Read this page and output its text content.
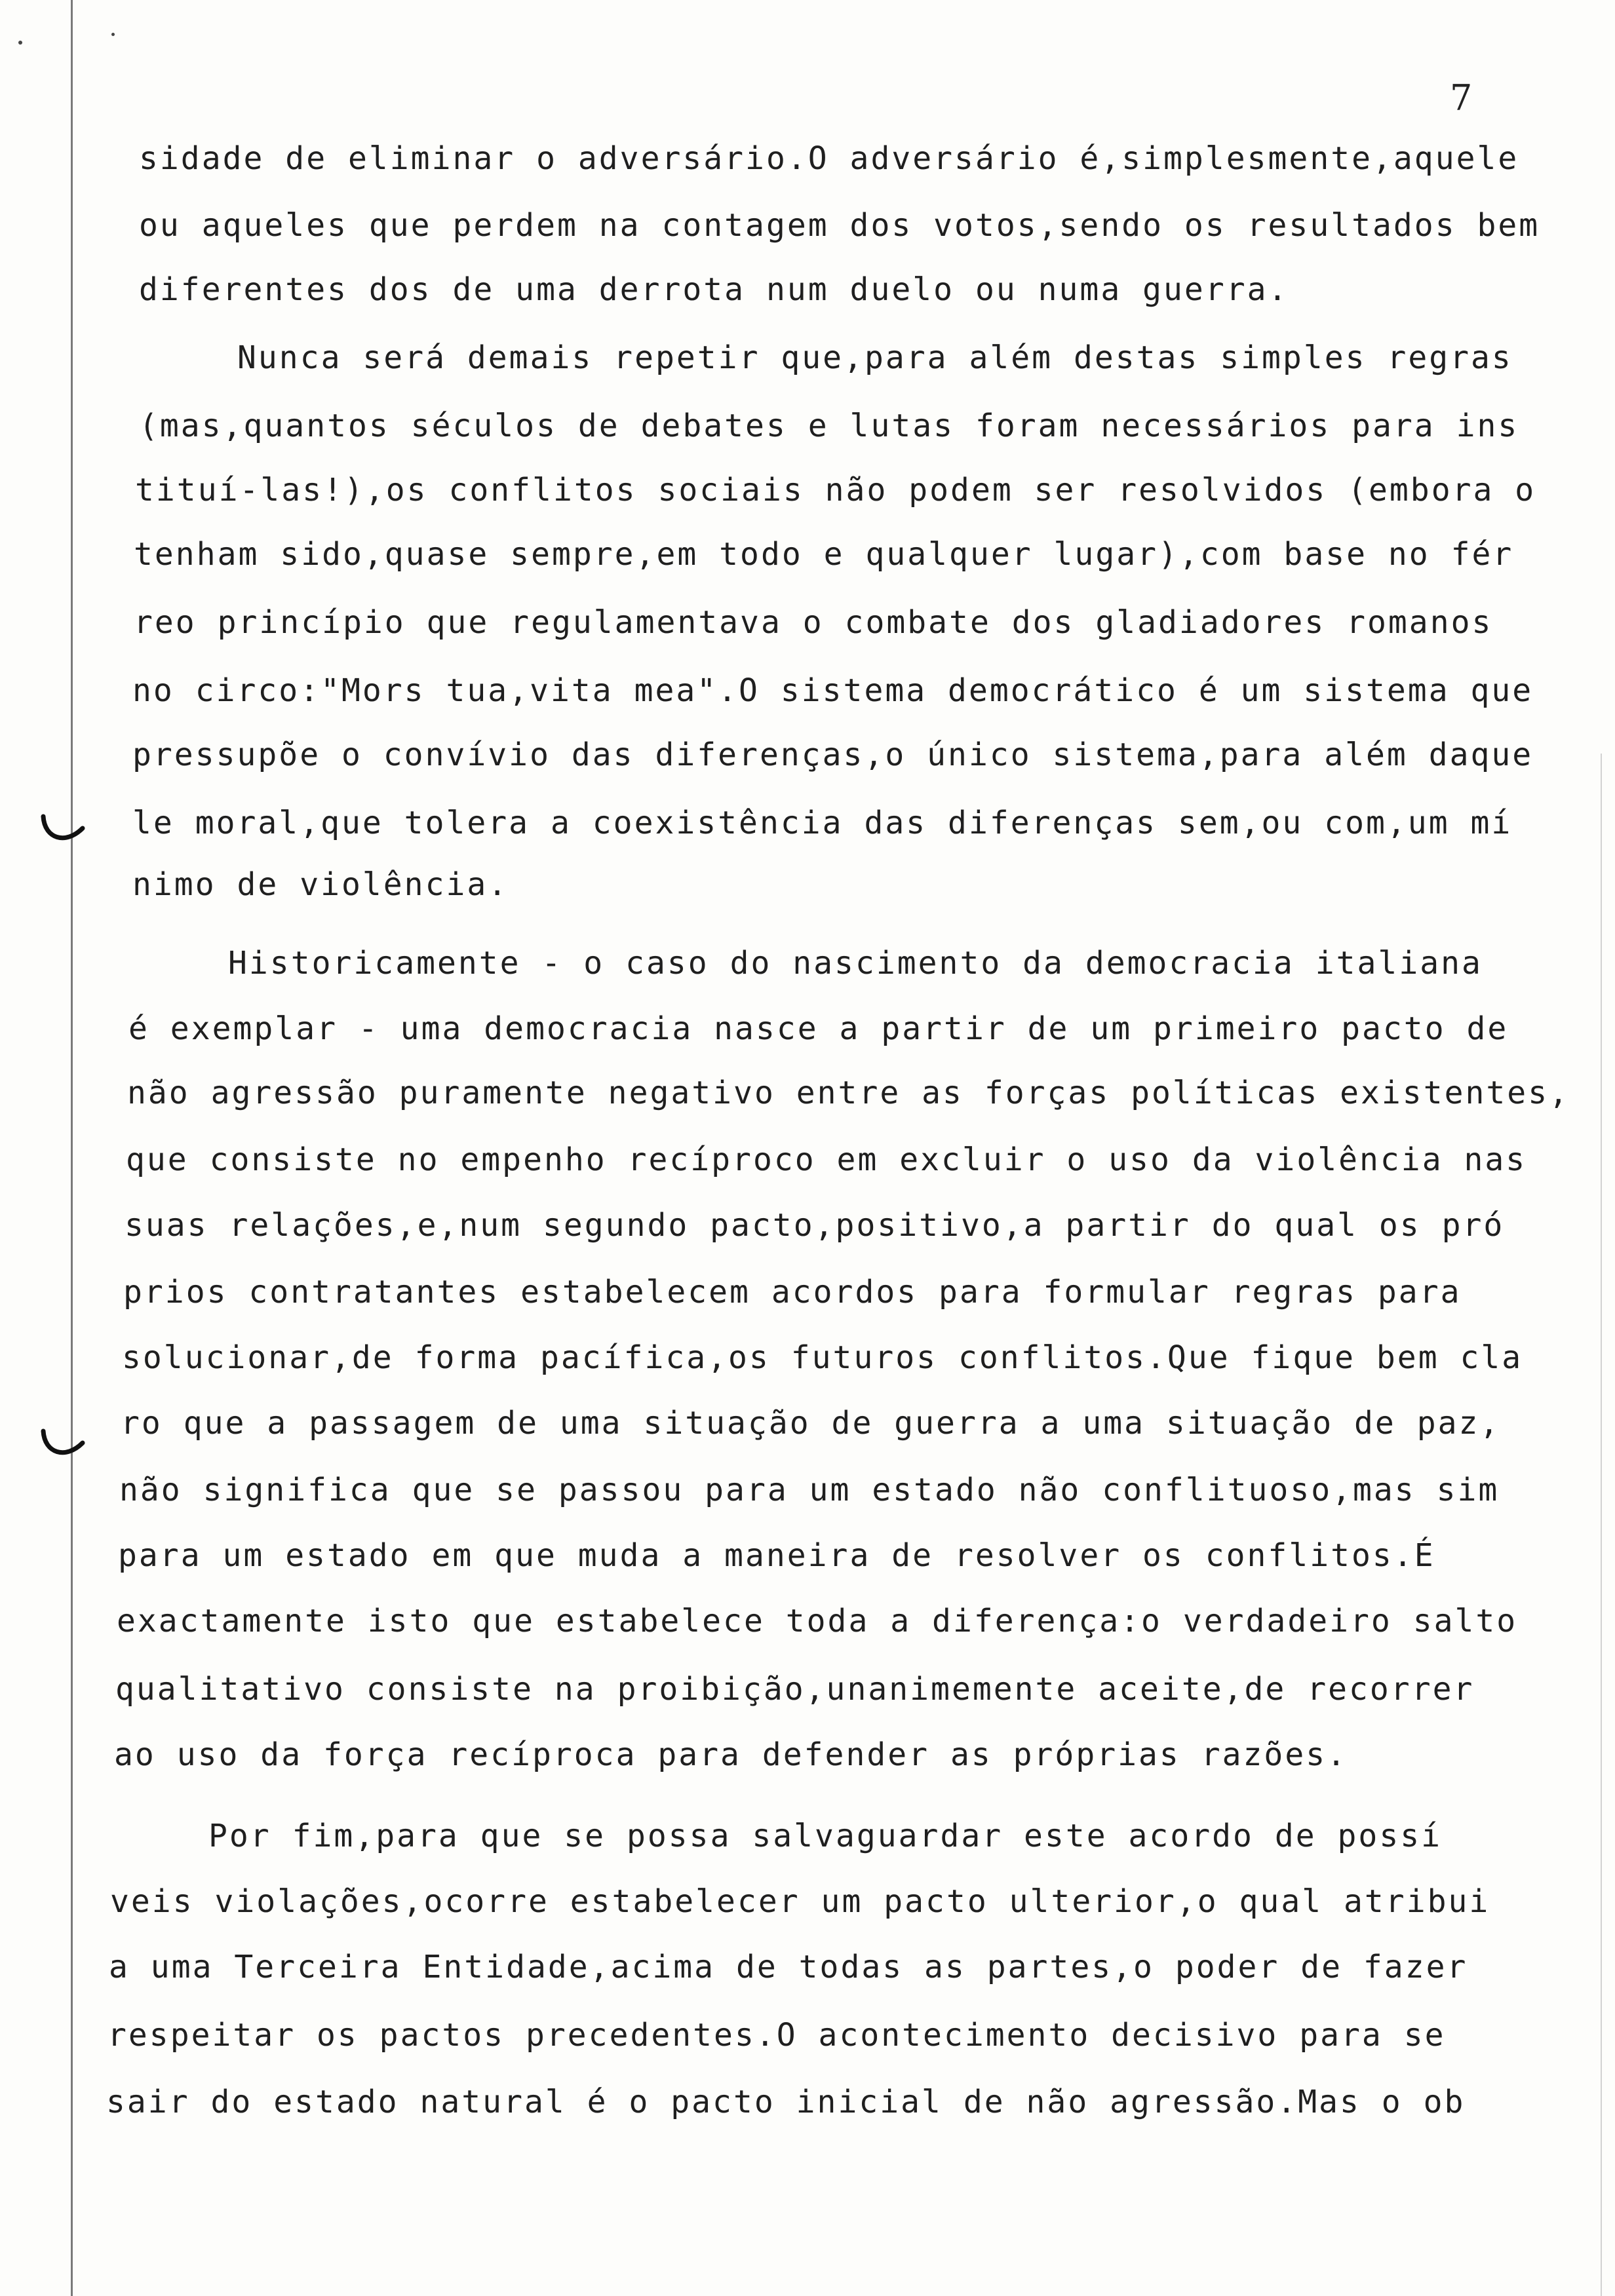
7
sidade de eliminar o adversário.O adversário é,simplesmente,aquele
ou aqueles que perdem na contagem dos votos,sendo os resultados bem
diferentes dos de uma derrota num duelo ou numa guerra.
Nunca será demais repetir que,para além destas simples regras
(mas,quantos séculos de debates e lutas foram necessários para ins
tituí-las!),os conflitos sociais não podem ser resolvidos (embora o
tenham sido,quase sempre,em todo e qualquer lugar),com base no fér
reo princípio que regulamentava o combate dos gladiadores romanos
no circo:"Mors tua,vita mea".O sistema democrático é um sistema que
pressupõe o convívio das diferenças,o único sistema,para além daque
le moral,que tolera a coexistência das diferenças sem,ou com,um mí
nimo de violência.
Historicamente - o caso do nascimento da democracia italiana
é exemplar - uma democracia nasce a partir de um primeiro pacto de
não agressão puramente negativo entre as forças políticas existentes,
que consiste no empenho recíproco em excluir o uso da violência nas
suas relações,e,num segundo pacto,positivo,a partir do qual os pró
prios contratantes estabelecem acordos para formular regras para
solucionar,de forma pacífica,os futuros conflitos.Que fique bem cla
ro que a passagem de uma situação de guerra a uma situação de paz,
não significa que se passou para um estado não conflituoso,mas sim
para um estado em que muda a maneira de resolver os conflitos.É
exactamente isto que estabelece toda a diferença:o verdadeiro salto
qualitativo consiste na proibição,unanimemente aceite,de recorrer
ao uso da força recíproca para defender as próprias razões.
Por fim,para que se possa salvaguardar este acordo de possí
veis violações,ocorre estabelecer um pacto ulterior,o qual atribui
a uma Terceira Entidade,acima de todas as partes,o poder de fazer
respeitar os pactos precedentes.O acontecimento decisivo para se
sair do estado natural é o pacto inicial de não agressão.Mas o ob
